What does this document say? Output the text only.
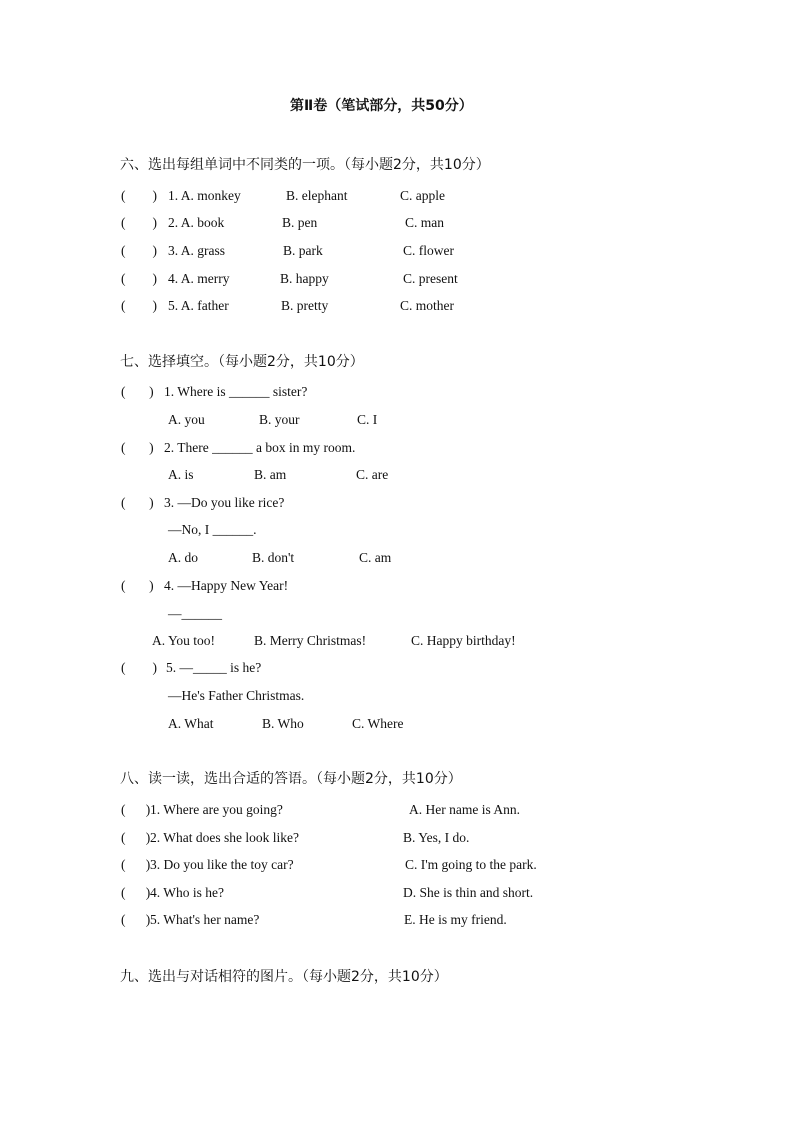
第Ⅱ卷（笔试部分，共50分）
六、选出每组单词中不同类的一项。（每小题2分，共10分）
(        ) 1. A. monkey	B. elephant	C. apple
(        ) 2. A. book	B. pen	C. man
(        ) 3. A. grass	B. park	C. flower
(        ) 4. A. merry	B. happy	C. present
(        ) 5. A. father	B. pretty	C. mother
七、选择填空。（每小题2分，共10分）
(       ) 1. Where is ______ sister?
A. you	B. your	C. I
(       ) 2. There ______ a box in my room.
A. is	B. am	C. are
(       ) 3. —Do you like rice?
—No, I ______.
A. do	B. don't	C. am
(       ) 4. —Happy New Year!
—______
A. You too!	B. Merry Christmas!	C. Happy birthday!
(        ) 5. —_____ is he?
—He's Father Christmas.
A. What	B. Who	C. Where
八、读一读，选出合适的答语。（每小题2分，共10分）
(      ) 1. Where are you going?	A. Her name is Ann.
(      ) 2. What does she look like?	B. Yes, I do.
(      ) 3. Do you like the toy car?	C. I'm going to the park.
(      ) 4. Who is he?	D. She is thin and short.
(      ) 5. What's her name?	E. He is my friend.
九、选出与对话相符的图片。（每小题2分，共10分）
